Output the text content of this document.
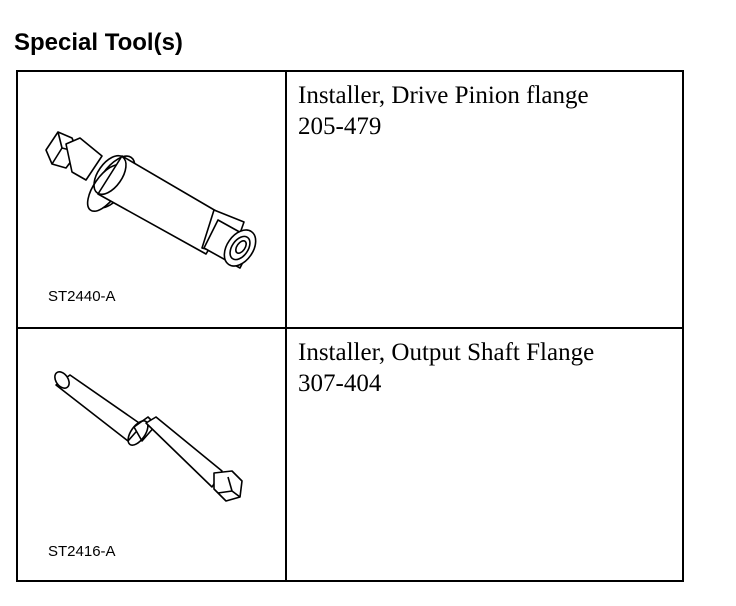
Special Tool(s)
ST2440-A
Installer, Drive Pinion flange
205-479
ST2416-A
Installer, Output Shaft Flange
307-404
